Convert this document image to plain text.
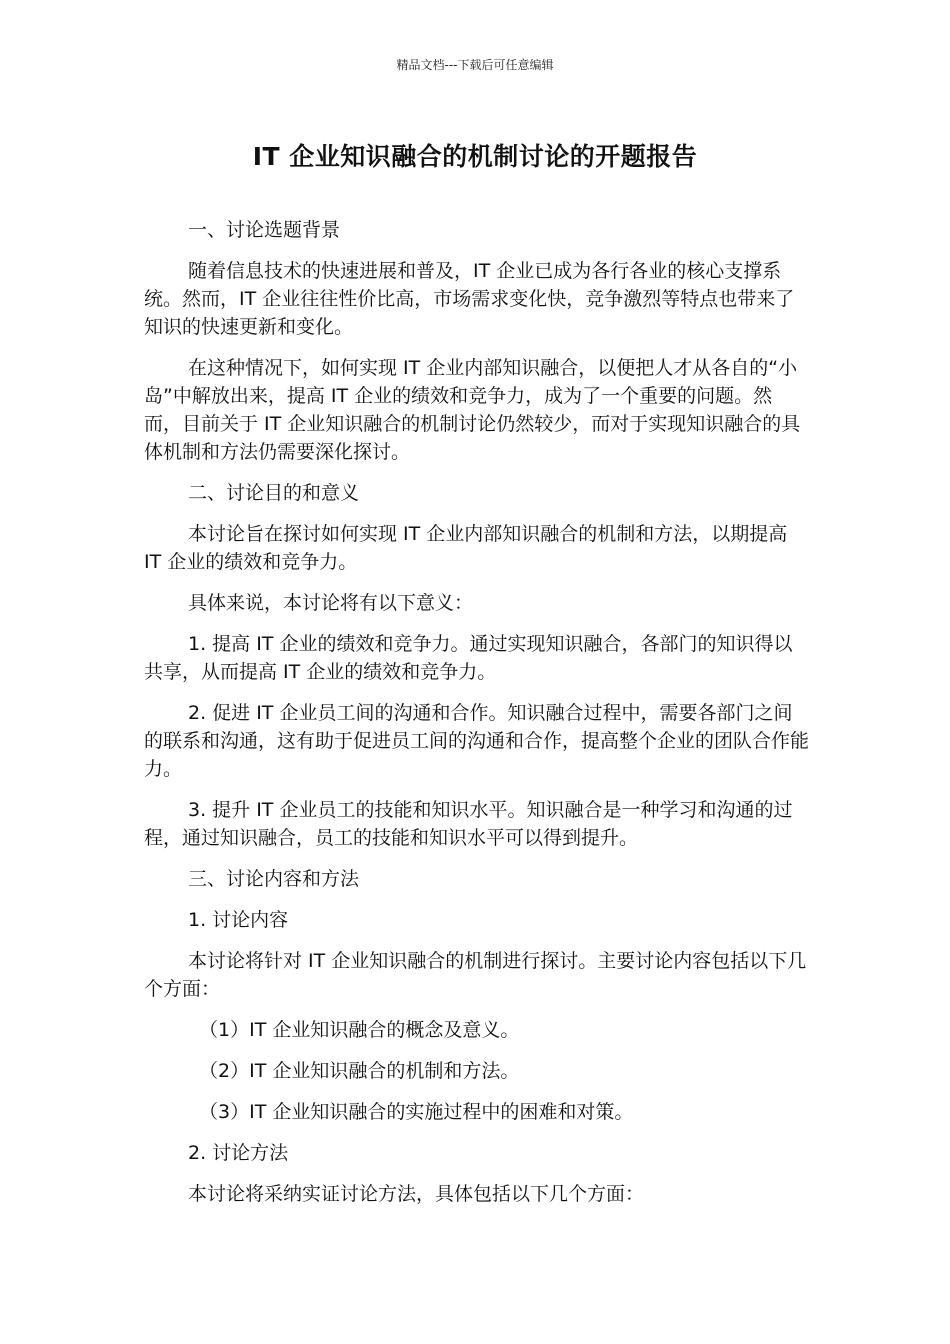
精品文档---下载后可任意编辑
IT 企业知识融合的机制讨论的开题报告

一、讨论选题背景

随着信息技术的快速进展和普及，IT 企业已成为各行各业的核心支撑系统。然而，IT 企业往往性价比高，市场需求变化快，竞争激烈等特点也带来了知识的快速更新和变化。

在这种情况下，如何实现 IT 企业内部知识融合，以便把人才从各自的“小岛”中解放出来，提高 IT 企业的绩效和竞争力，成为了一个重要的问题。然而，目前关于 IT 企业知识融合的机制讨论仍然较少，而对于实现知识融合的具体机制和方法仍需要深化探讨。

二、讨论目的和意义

本讨论旨在探讨如何实现 IT 企业内部知识融合的机制和方法，以期提高 IT 企业的绩效和竞争力。

具体来说，本讨论将有以下意义：

1. 提高 IT 企业的绩效和竞争力。通过实现知识融合，各部门的知识得以共享，从而提高 IT 企业的绩效和竞争力。

2. 促进 IT 企业员工间的沟通和合作。知识融合过程中，需要各部门之间的联系和沟通，这有助于促进员工间的沟通和合作，提高整个企业的团队合作能力。

3. 提升 IT 企业员工的技能和知识水平。知识融合是一种学习和沟通的过程，通过知识融合，员工的技能和知识水平可以得到提升。

三、讨论内容和方法

1. 讨论内容

本讨论将针对 IT 企业知识融合的机制进行探讨。主要讨论内容包括以下几个方面：

（1）IT 企业知识融合的概念及意义。

（2）IT 企业知识融合的机制和方法。

（3）IT 企业知识融合的实施过程中的困难和对策。

2. 讨论方法

本讨论将采纳实证讨论方法，具体包括以下几个方面：
